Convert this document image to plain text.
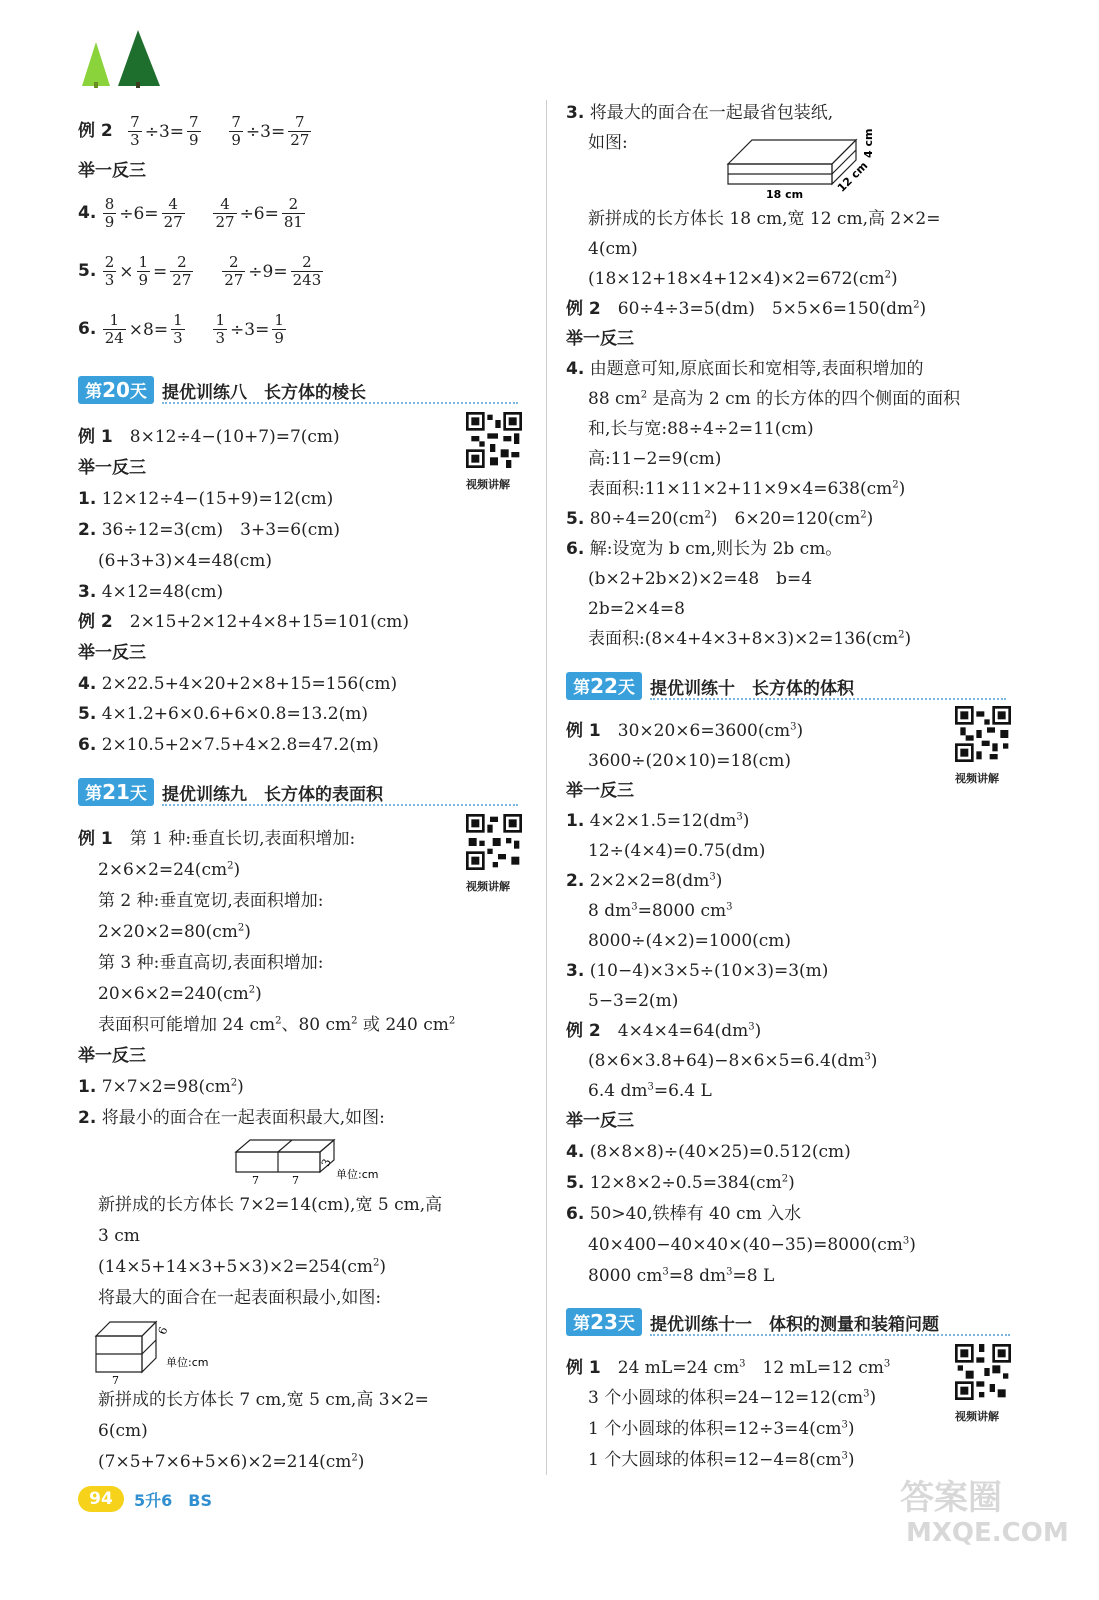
例 $2 \frac{7}{3} \div 3= \frac{7}{9}$
$\frac{7}{9} \div 3= \frac{7}{27}$
举一反三
4. $\frac{8}{9} \div 6= \frac{4}{27}$
$\frac{4}{27} \div 6= \frac{2}{81}$
5. $\frac{2}{3} \times \frac{1}{9} = \frac{2}{27}$
$\frac{2}{27} \div 9= \frac{2}{243}$
6. $\frac{1}{24} \times 8= \frac{1}{3}$
$\frac{1}{3} \div 3= \frac{1}{9}$
第20天 提优训练八　长方体的棱长
视频讲解
例 1　 8×12÷4−(10+7)=7(cm)
举一反三
1. 12×12÷4−(15+9)=12(cm)
2. 36÷12=3(cm)　3+3=6(cm)
(6+3+3)×4=48(cm)
3. 4×12=48(cm)
例 2　 2×15+2×12+4×8+15=101(cm)
举一反三
4. 2×22.5+4×20+2×8+15=156(cm)
5. 4×1.2+6×0.6+6×0.8=13.2(m)
6. 2×10.5+2×7.5+4×2.8=47.2(m)
第21天 提优训练九　长方体的表面积
视频讲解
例 1　 第 1 种:垂直长切,表面积增加:
$2\times 6\times 2=24(cm^2)$
第 2 种:垂直宽切,表面积增加:
$2\times 20\times 2=80(cm^2)$
第 3 种:垂直高切,表面积增加:
$20\times 6\times 2=240(cm^2)$
表面积可能增加 24 $cm^2$、80 $cm^2$ 或 240 $cm^2$
举一反三
1. $7\times 7\times 2=98(cm^2)$
2. 将最小的面合在一起表面积最大,如图:
7	7
3
单位:cm
新拼成的长方体长 7×2=14(cm),宽 5 cm,高
3 cm
$(14\times 5+14\times 3+5\times 3)\times 2=254(cm^2)$
将最大的面合在一起表面积最小,如图:
7
6
单位:cm
新拼成的长方体长 7 cm,宽 5 cm,高 3×2=
6(cm)
$(7\times 5+7\times 6+5\times 6)\times 2=214(cm^2)$
3. 将最大的面合在一起最省包装纸,
如图:
18 cm	12 cm
4 cm
新拼成的长方体长 18 cm,宽 12 cm,高 2×2=
4(cm)
$(18\times 12+18\times 4+12\times 4)\times 2=672(cm^2)$
例 2　 60÷4÷3=5(dm)　$5\times 5\times 6=150(dm^2)$
举一反三
4. 由题意可知,原底面长和宽相等,表面积增加的
88 $cm^2$ 是高为 2 cm 的长方体的四个侧面的面积
和,长与宽:88÷4÷2=11(cm)
高:11−2=9(cm)
表面积$:11\times 11\times 2+11\times 9\times 4=638(cm^2)$
5. $80\div 4=20(cm^2)$　$6\times 20=120(cm^2)$
6. 解:设宽为 b cm,则长为 2b cm。
(b×2+2b×2)×2=48　b=4
2b=2×4=8
表面积$:(8\times 4+4\times 3+8\times 3)\times 2=136(cm^2)$
第22天 提优训练十　长方体的体积
视频讲解
例 1　 $30\times 20\times 6=3600(cm^3)$
3600÷(20×10)=18(cm)
举一反三
1. $4\times 2\times 1.5=12(dm^3)$
12÷(4×4)=0.75(dm)
2. $2\times 2\times 2=8(dm^3)$
8 $dm^3=8000$ $cm^3$
8000÷(4×2)=1000(cm)
3. (10−4)×3×5÷(10×3)=3(m)
5−3=2(m)
例 2　 $4\times 4\times 4=64(dm^3)$
$(8\times 6\times 3.8+64)-8\times 6\times 5=6.4(dm^3)$
6.4 $dm^3=6.4$ L
举一反三
4. (8×8×8)÷(40×25)=0.512(cm)
5. $12\times 8\times 2\div 0.5=384(cm^2)$
6. 50>40,铁棒有 40 cm 入水
$40\times 400-40\times 40\times(40-35)=8000(cm^3)$
8000 $cm^3=8$ $dm^3=8$ L
第23天 提优训练十一　体积的测量和装箱问题
视频讲解
例 1　 24 mL=24 $cm^3$　12 mL=12 $cm^3$
3 个小圆球的体积$=24-12=12(cm^3)$
1 个小圆球的体积$=12\div 3=4(cm^3)$
1 个大圆球的体积$=12-4=8(cm^3)$
94	5升6　 BS	答案圈
MXQE.COM
